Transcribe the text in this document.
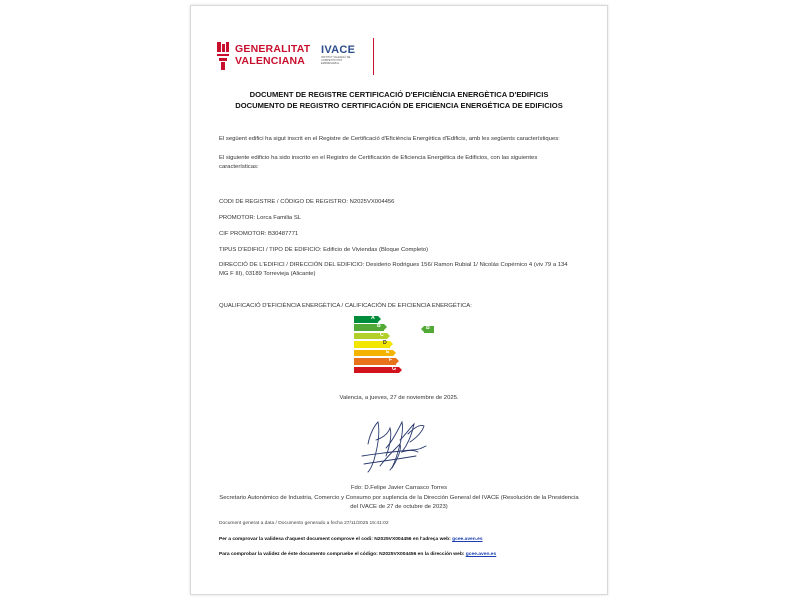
GENERALITAT
VALENCIANA
IVACE
INSTITUT VALENCIÀ DE COMPETITIVITAT EMPRESARIAL
DOCUMENT DE REGISTRE CERTIFICACIÓ D'EFICIÈNCIA ENERGÈTICA D'EDIFICIS
DOCUMENTO DE REGISTRO CERTIFICACIÓN DE EFICIENCIA ENERGÉTICA DE EDIFICIOS
El següent edifici ha sigut inscrit en el Registre de Certificació d'Eficiència Energètica d'Edificis, amb les següents característiques:
El siguiente edificio ha sido inscrito en el Registro de Certificación de Eficiencia Energética de Edificios, con las siguientes características:
CODI DE REGISTRE / CÓDIGO DE REGISTRO: N2025VX004456
PROMOTOR: Lorca Familia SL
CIF PROMOTOR: B30487771
TIPUS D'EDIFICI / TIPO DE EDIFICIO: Edificio de Viviendas (Bloque Completo)
DIRECCIÓ DE L'EDIFICI / DIRECCIÓN DEL EDIFICIO: Desiderio Rodrigues 156/ Ramon Rubial 1/ Nicolás Copérnico 4 (viv 79 a 134 MG F III), 03189 Torrevieja (Alicante)
QUALIFICACIÓ D'EFICIÈNCIA ENERGÈTICA / CALIFICACIÓN DE EFICIENCIA ENERGÉTICA:
A
B
C
D
E
F
G
B
Valencia, a jueves, 27 de noviembre de 2025.
Fdo: D.Felipe Javier Carrasco Torres
Secretario Autonómico de Industria, Comercio y Consumo por suplencia de la Dirección General del IVACE (Resolución de la Presidencia del IVACE de 27 de octubre de 2023)
Document generat a data / Documento generado a fecha 27/11/2025 15:41:02
Per a comprovar la validesa d'aquest document comprove el codi: N2025VX004456 en l'adreça web: gcee.aven.es
Para comprobar la validez de éste documento compruebe el código: N2025VX004456 en la dirección web: gcee.aven.es
